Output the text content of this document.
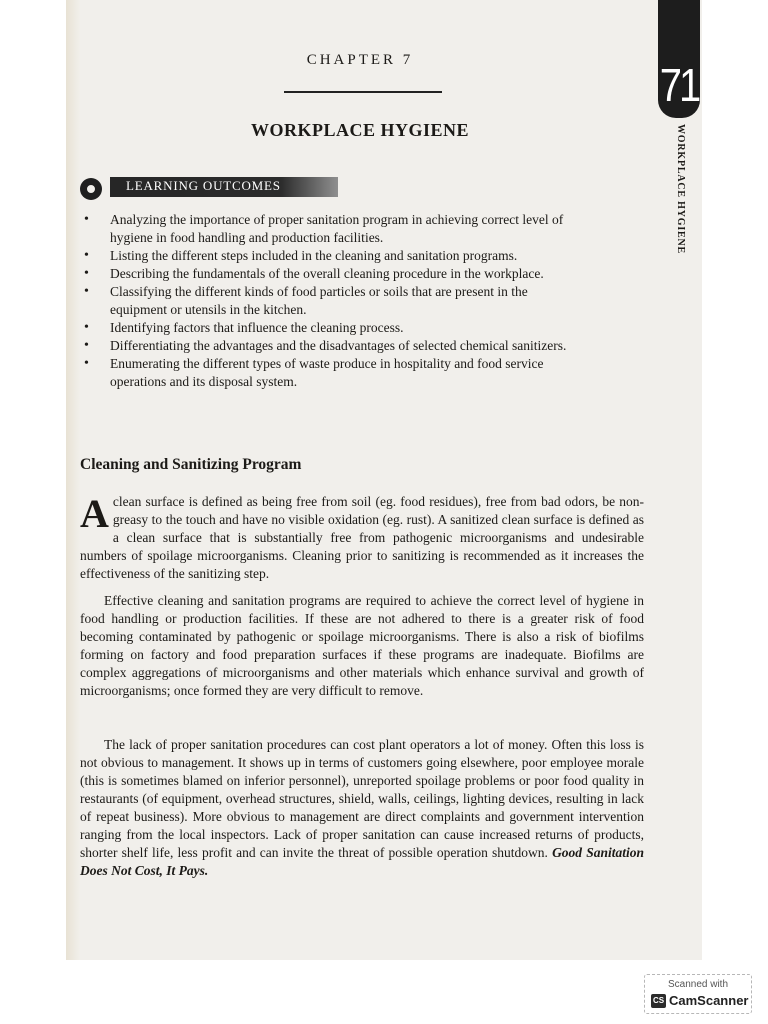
71
WORKPLACE HYGIENE
CHAPTER 7
WORKPLACE HYGIENE
LEARNING OUTCOMES
• Analyzing the importance of proper sanitation program in achieving correct level of hygiene in food handling and production facilities.
• Listing the different steps included in the cleaning and sanitation programs.
• Describing the fundamentals of the overall cleaning procedure in the workplace.
• Classifying the different kinds of food particles or soils that are present in the equipment or utensils in the kitchen.
• Identifying factors that influence the cleaning process.
• Differentiating the advantages and the disadvantages of selected chemical sanitizers.
• Enumerating the different types of waste produce in hospitality and food service operations and its disposal system.
Cleaning and Sanitizing Program

Aclean surface is defined as being free from soil (eg. food residues), free from bad odors, be non-greasy to the touch and have no visible oxidation (eg. rust). A sanitized clean surface is defined as a clean surface that is substantially free from pathogenic microorganisms and undesirable numbers of spoilage microorganisms. Cleaning prior to sanitizing is recommended as it increases the effectiveness of the sanitizing step.

Effective cleaning and sanitation programs are required to achieve the correct level of hygiene in food handling or production facilities. If these are not adhered to there is a greater risk of food becoming contaminated by pathogenic or spoilage microorganisms. There is also a risk of biofilms forming on factory and food preparation surfaces if these programs are inadequate. Biofilms are complex aggregations of microorganisms and other materials which enhance survival and growth of microorganisms; once formed they are very difficult to remove.

The lack of proper sanitation procedures can cost plant operators a lot of money. Often this loss is not obvious to management. It shows up in terms of customers going elsewhere, poor employee morale (this is sometimes blamed on inferior personnel), unreported spoilage problems or poor food quality in restaurants (of equipment, overhead structures, shield, walls, ceilings, lighting devices, resulting in lack of repeat business). More obvious to management are direct complaints and government intervention ranging from the local inspectors. Lack of proper sanitation can cause increased returns of products, shorter shelf life, less profit and can invite the threat of possible operation shutdown. Good Sanitation Does Not Cost, It Pays.

Scanned with
CS CamScanner
